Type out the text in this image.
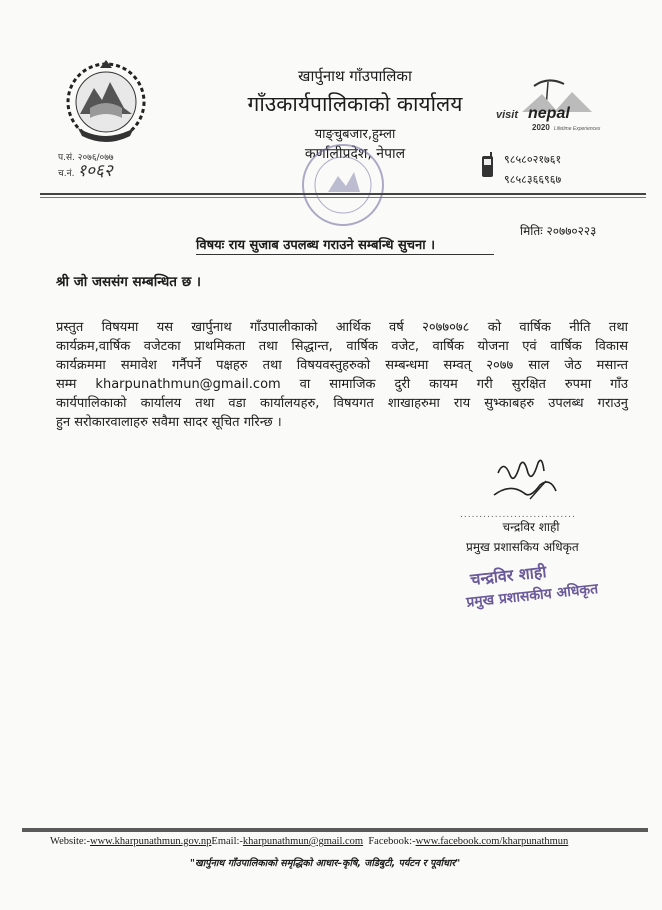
खार्पुनाथ गाँउपालिका
गाँउकार्यपालिकाको कार्यालय
याङ्चुबजार,हुम्ला
कर्णालीप्रदेश, नेपाल
प.सं. २०७६/०७७
च.नं. १०६२
visit nepal
2020 Lifetime Experiences
९८५८०२१७६१
९८५८३६६९६७
मितिः २०७७०२२३
विषयः राय सुजाब उपलब्ध गराउने सम्बन्धि सुचना ।
श्री जो जससंग सम्बन्धित छ ।
प्रस्तुत विषयमा यस खार्पुनाथ गाँउपालीकाको आर्थिक वर्ष २०७७०७८ को वार्षिक नीति तथा
कार्यक्रम,वार्षिक वजेटका प्राथमिकता तथा सिद्धान्त, वार्षिक वजेट, वार्षिक योजना एवं वार्षिक विकास
कार्यक्रममा समावेश गर्नैपर्ने पक्षहरु तथा विषयवस्तुहरुको सम्बन्धमा सम्वत् २०७७ साल जेठ मसान्त
सम्म kharpunathmun@gmail.com वा सामाजिक दुरी कायम गरी सुरक्षित रुपमा गाँउ
कार्यपालिकाको कार्यालय तथा वडा कार्यालयहरु, विषयगत शाखाहरुमा राय सुभ्काबहरु उपलब्ध गराउनु
हुन सरोकारवालाहरु सवैमा सादर सूचित गरिन्छ ।
..............................
चन्द्रविर शाही
प्रमुख प्रशासकिय अधिकृत
चन्द्रविर शाही
प्रमुख प्रशासकीय अधिकृत
Website:-www.kharpunathmun.gov.npEmail:-kharpunathmun@gmail.com Facebook:-www.facebook.com/kharpunathmun
"खार्पुनाथ गाँउपालिकाको समृद्धिको आधार–कृषि, जडिबुटी, पर्यटन र पूर्वाधार"
